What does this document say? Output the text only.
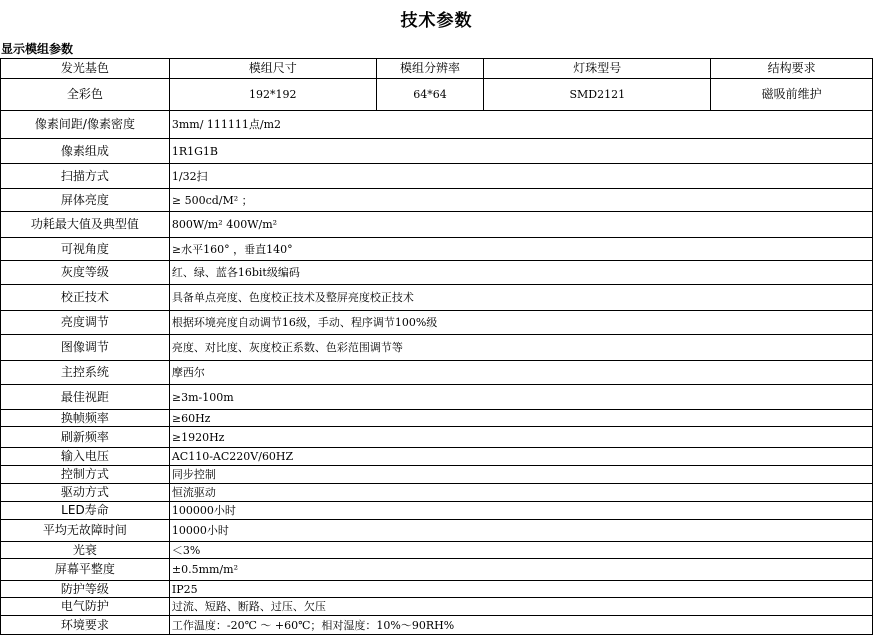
技术参数
显示模组参数
发光基色	模组尺寸	模组分辨率	灯珠型号	结构要求
全彩色	192*192	64*64	SMD2121	磁吸前维护
像素间距/像素密度	3mm/ 111111点/m2			
像素组成	1R1G1B			
扫描方式	1/32扫			
屏体亮度	≥ 500cd/M² ；			
功耗最大值及典型值	800W/m² 400W/m²			
可视角度	≥水平160° ，垂直140°			
灰度等级	红、绿、蓝各16bit级编码			
校正技术	具备单点亮度、色度校正技术及整屏亮度校正技术			
亮度调节	根据环境亮度自动调节16级，手动、程序调节100%级			
图像调节	亮度、对比度、灰度校正系数、色彩范围调节等			
主控系统	摩西尔			
最佳视距	≥3m-100m			
换帧频率	≥60Hz			
刷新频率	≥1920Hz			
输入电压	AC110-AC220V/60HZ			
控制方式	同步控制			
驱动方式	恒流驱动			
LED寿命	100000小时			
平均无故障时间	10000小时			
光衰	＜3%			
屏幕平整度	±0.5mm/m²			
防护等级	IP25			
电气防护	过流、短路、断路、过压、欠压			
环境要求	工作温度：-20℃ ～ +60℃；相对湿度：10%～90RH%			
